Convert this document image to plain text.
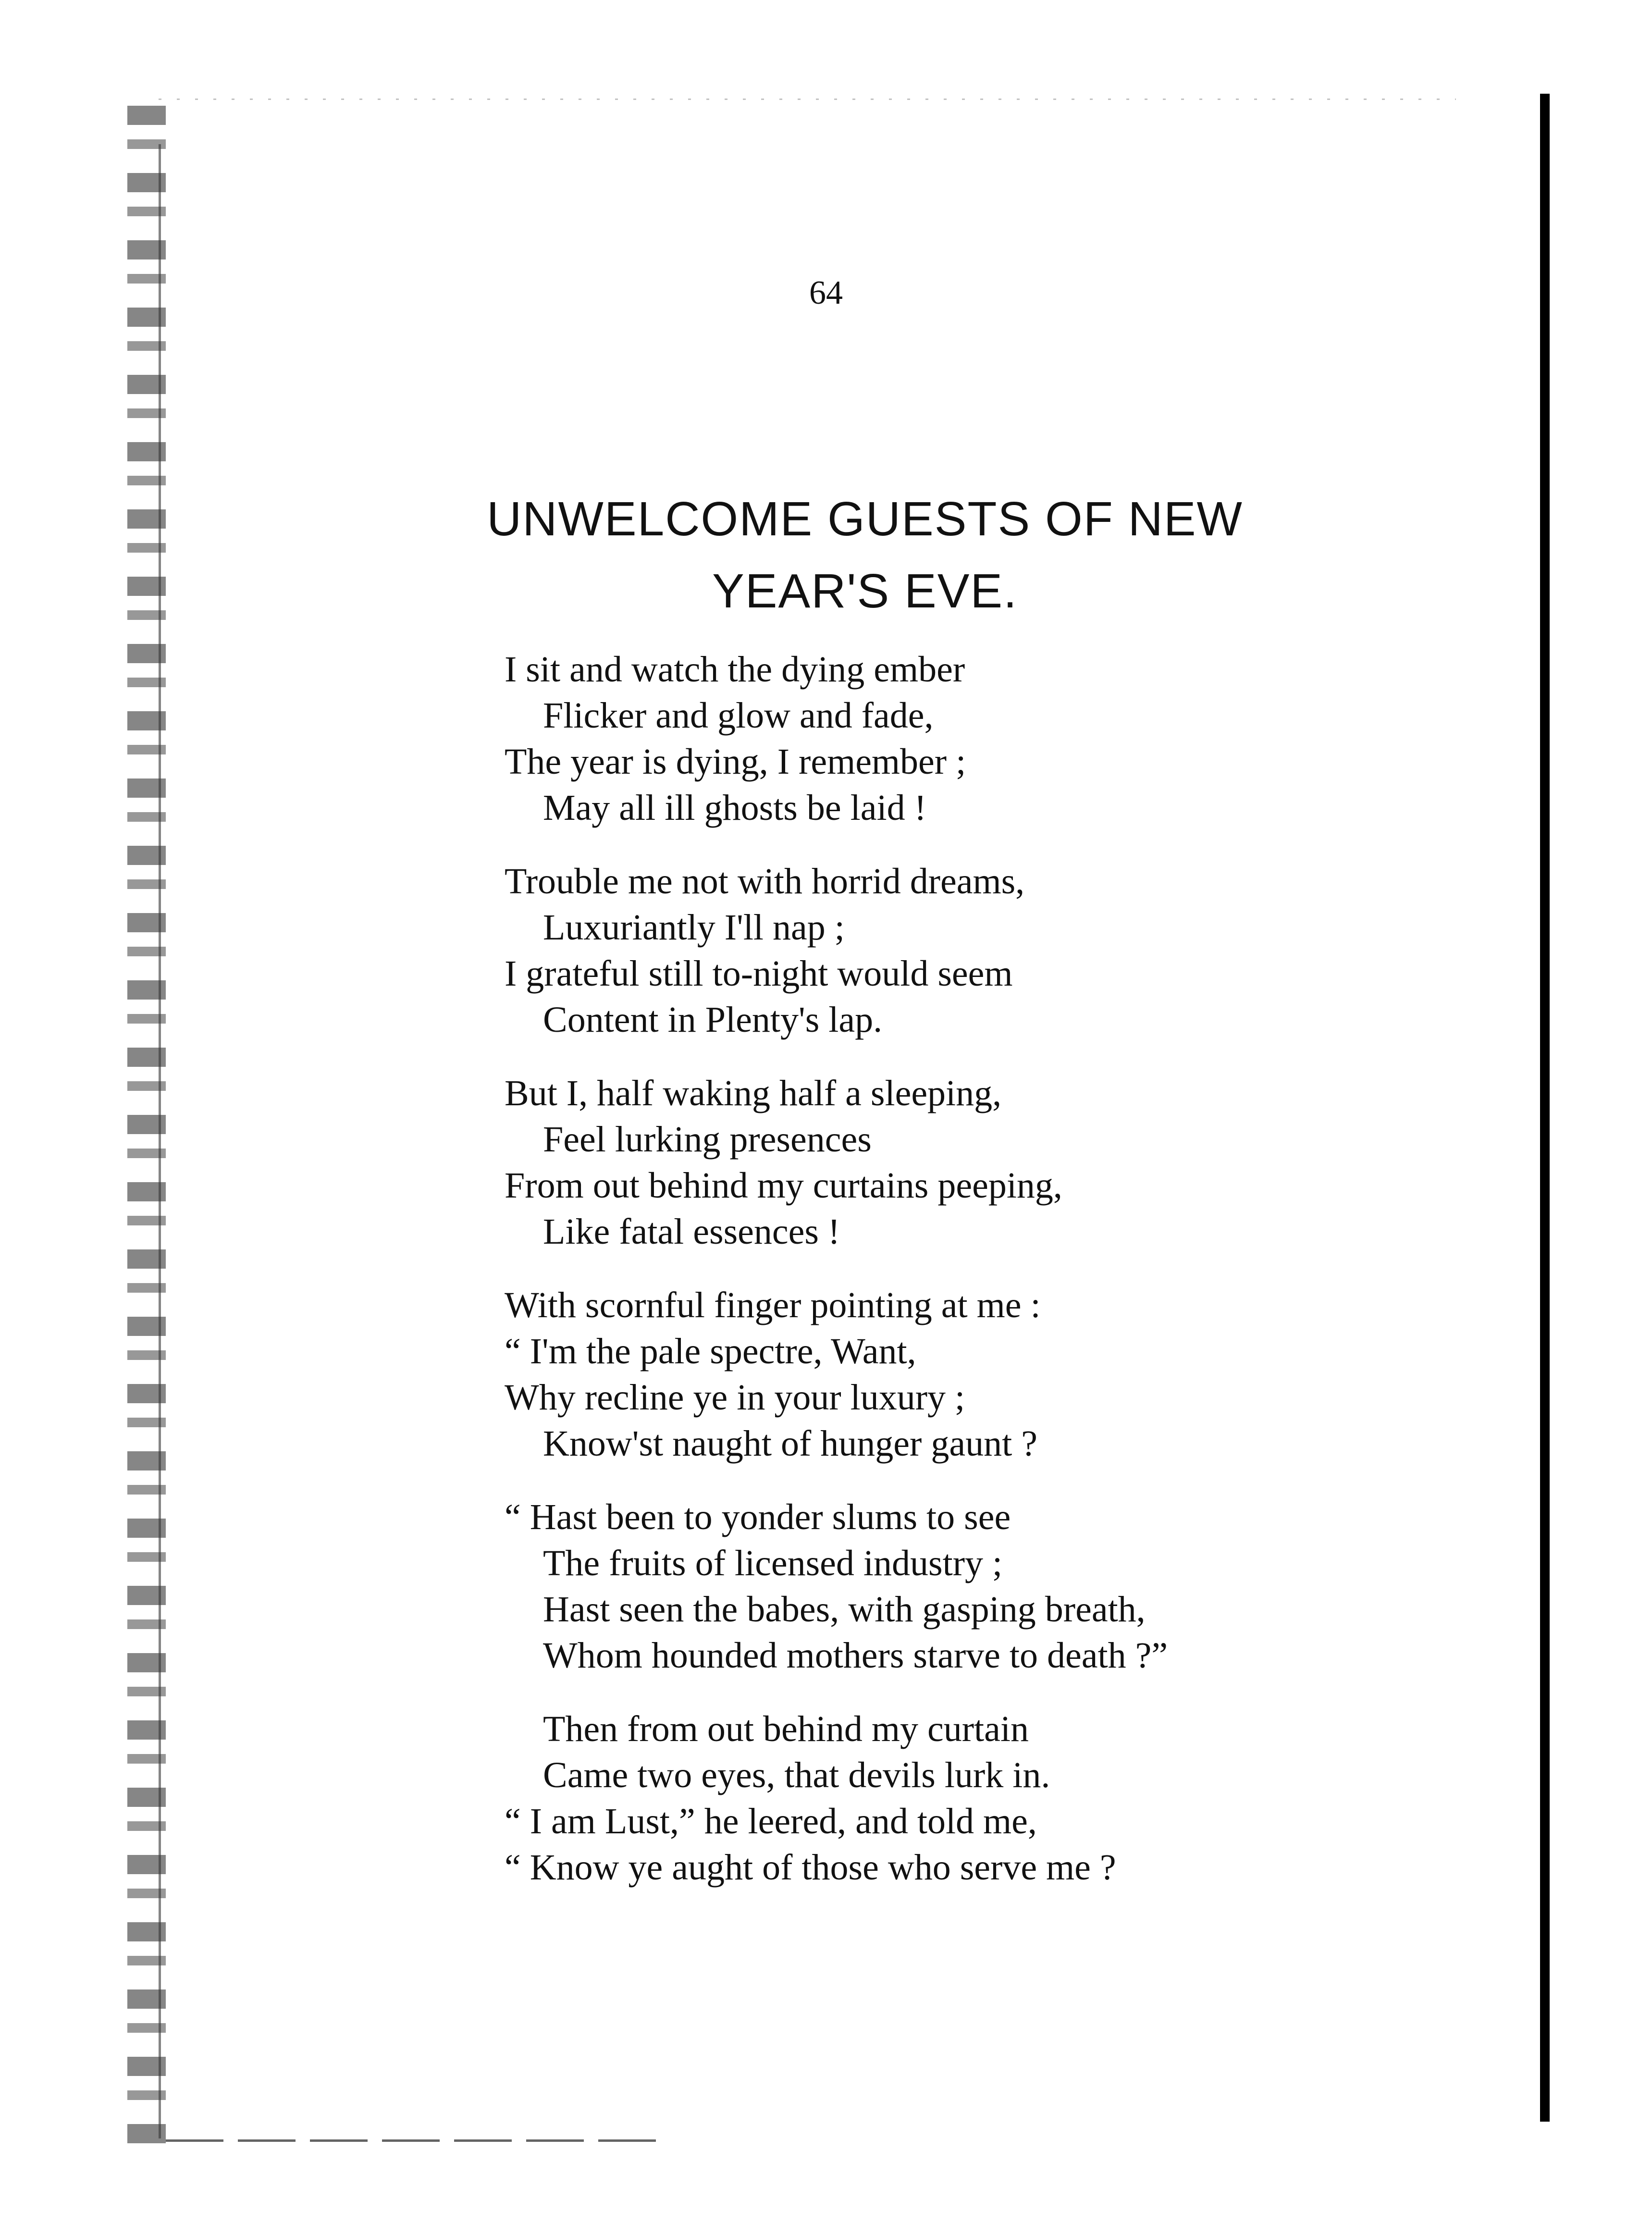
64
UNWELCOME GUESTS OF NEW
YEAR'S EVE.
I sit and watch the dying ember
Flicker and glow and fade,
The year is dying, I remember ;
May all ill ghosts be laid !
Trouble me not with horrid dreams,
Luxuriantly I'll nap ;
I grateful still to-night would seem
Content in Plenty's lap.
But I, half waking half a sleeping,
Feel lurking presences
From out behind my curtains peeping,
Like fatal essences !
With scornful finger pointing at me :
“ I'm the pale spectre, Want,
Why recline ye in your luxury ;
Know'st naught of hunger gaunt ?
“ Hast been to yonder slums to see
The fruits of licensed industry ;
Hast seen the babes, with gasping breath,
Whom hounded mothers starve to death ?”
Then from out behind my curtain
Came two eyes, that devils lurk in.
“ I am Lust,” he leered, and told me,
“ Know ye aught of those who serve me ?
